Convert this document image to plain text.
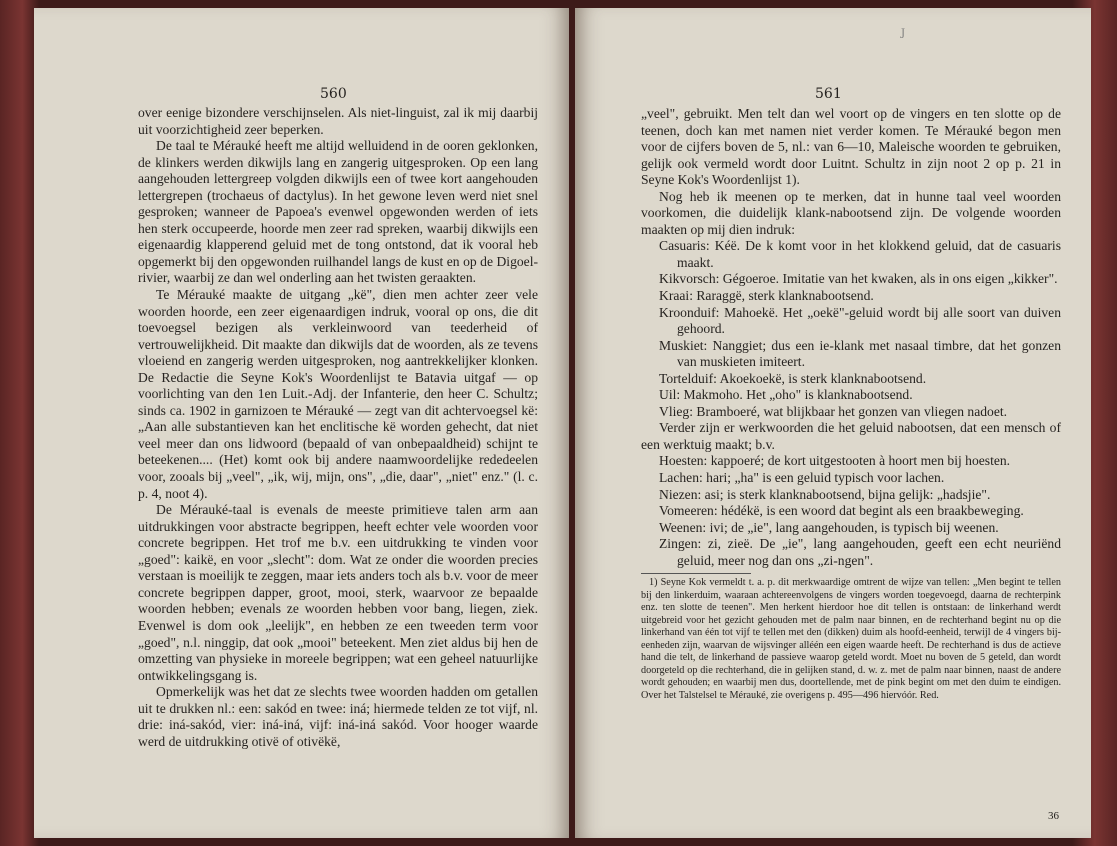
560

over eenige bizondere verschijnselen. Als niet-linguist, zal ik mij daarbij uit voorzichtigheid zeer beperken.

De taal te Mérauké heeft me altijd welluidend in de ooren geklonken, de klinkers werden dikwijls lang en zangerig uitgesproken. Op een lang aangehouden lettergreep volgden dikwijls een of twee kort aangehouden lettergrepen (trochaeus of dactylus). In het gewone leven werd niet snel gesproken; wanneer de Papoea's evenwel opgewonden werden of iets hen sterk occupeerde, hoorde men zeer rad spreken, waarbij dikwijls een eigenaardig klapperend geluid met de tong ontstond, dat ik vooral heb opgemerkt bij den opgewonden ruilhandel langs de kust en op de Digoel-rivier, waarbij ze dan wel onderling aan het twisten geraakten.

Te Mérauké maakte de uitgang „kë", dien men achter zeer vele woorden hoorde, een zeer eigenaardigen indruk, vooral op ons, die dit toevoegsel bezigen als verkleinwoord van teederheid of vertrouwelijkheid. Dit maakte dan dikwijls dat de woorden, als ze tevens vloeiend en zangerig werden uitgesproken, nog aantrekkelijker klonken. De Redactie die Seyne Kok's Woordenlijst te Batavia uitgaf — op voorlichting van den 1en Luit.-Adj. der Infanterie, den heer C. Schultz; sinds ca. 1902 in garnizoen te Mérauké — zegt van dit achtervoegsel kë: „Aan alle substantieven kan het enclitische kë worden gehecht, dat niet veel meer dan ons lidwoord (bepaald of van onbepaaldheid) schijnt te beteekenen.... (Het) komt ook bij andere naamwoordelijke rededeelen voor, zooals bij „veel", „ik, wij, mijn, ons", „die, daar", „niet" enz." (l. c. p. 4, noot 4).

De Mérauké-taal is evenals de meeste primitieve talen arm aan uitdrukkingen voor abstracte begrippen, heeft echter vele woorden voor concrete begrippen. Het trof me b.v. een uitdrukking te vinden voor „goed": kaikë, en voor „slecht": dom. Wat ze onder die woorden precies verstaan is moeilijk te zeggen, maar iets anders toch als b.v. voor de meer concrete begrippen dapper, groot, mooi, sterk, waarvoor ze bepaalde woorden hebben; evenals ze woorden hebben voor bang, liegen, ziek. Evenwel is dom ook „leelijk", en hebben ze een tweeden term voor „goed", n.l. ninggip, dat ook „mooi" beteekent. Men ziet aldus bij hen de omzetting van physieke in moreele begrippen; wat een geheel natuurlijke ontwikkelingsgang is.

Opmerkelijk was het dat ze slechts twee woorden hadden om getallen uit te drukken nl.: een: sakód en twee: iná; hiermede telden ze tot vijf, nl. drie: iná-sakód, vier: iná-iná, vijf: iná-iná sakód. Voor hooger waarde werd de uitdrukking otivë of otivëkë,

J
561

„veel", gebruikt. Men telt dan wel voort op de vingers en ten slotte op de teenen, doch kan met namen niet verder komen. Te Mérauké begon men voor de cijfers boven de 5, nl.: van 6—10, Maleische woorden te gebruiken, gelijk ook vermeld wordt door Luitnt. Schultz in zijn noot 2 op p. 21 in Seyne Kok's Woordenlijst 1).

Nog heb ik meenen op te merken, dat in hunne taal veel woorden voorkomen, die duidelijk klank-nabootsend zijn. De volgende woorden maakten op mij dien indruk:

Casuaris: Kéë. De k komt voor in het klokkend geluid, dat de casuaris maakt.

Kikvorsch: Gégoeroe. Imitatie van het kwaken, als in ons eigen „kikker".

Kraai: Raraggë, sterk klanknabootsend.

Kroonduif: Mahoekë. Het „oekë"-geluid wordt bij alle soort van duiven gehoord.

Muskiet: Nanggiet; dus een ie-klank met nasaal timbre, dat het gonzen van muskieten imiteert.

Tortelduif: Akoekoekë, is sterk klanknabootsend.

Uil: Makmoho. Het „oho" is klanknabootsend.

Vlieg: Bramboeré, wat blijkbaar het gonzen van vliegen nadoet.

Verder zijn er werkwoorden die het geluid nabootsen, dat een mensch of een werktuig maakt; b.v.

Hoesten: kappoeré; de kort uitgestooten à hoort men bij hoesten.

Lachen: hari; „ha" is een geluid typisch voor lachen.

Niezen: asi; is sterk klanknabootsend, bijna gelijk: „hadsjie".

Vomeeren: hédékë, is een woord dat begint als een braakbeweging.

Weenen: ivi; de „ie", lang aangehouden, is typisch bij weenen.

Zingen: zi, zieë. De „ie", lang aangehouden, geeft een echt neuriënd geluid, meer nog dan ons „zi-ngen".

1) Seyne Kok vermeldt t. a. p. dit merkwaardige omtrent de wijze van tellen: „Men begint te tellen bij den linkerduim, waaraan achtereenvolgens de vingers worden toegevoegd, daarna de rechterpink enz. ten slotte de teenen". Men herkent hierdoor hoe dit tellen is ontstaan: de linkerhand werdt uitgebreid voor het gezicht gehouden met de palm naar binnen, en de rechterhand begint nu op die linkerhand van één tot vijf te tellen met den (dikken) duim als hoofd-eenheid, terwijl de 4 vingers bij-eenheden zijn, waarvan de wijsvinger alléén een eigen waarde heeft. De rechterhand is dus de actieve hand die telt, de linkerhand de passieve waarop geteld wordt. Moet nu boven de 5 geteld, dan wordt doorgeteld op die rechterhand, die in gelijken stand, d. w. z. met de palm naar binnen, naast de andere wordt gehouden; en waarbij men dus, doortellende, met de pink begint om met den duim te eindigen. Over het Talstelsel te Mérauké, zie overigens p. 495—496 hiervóór. Red.

36
